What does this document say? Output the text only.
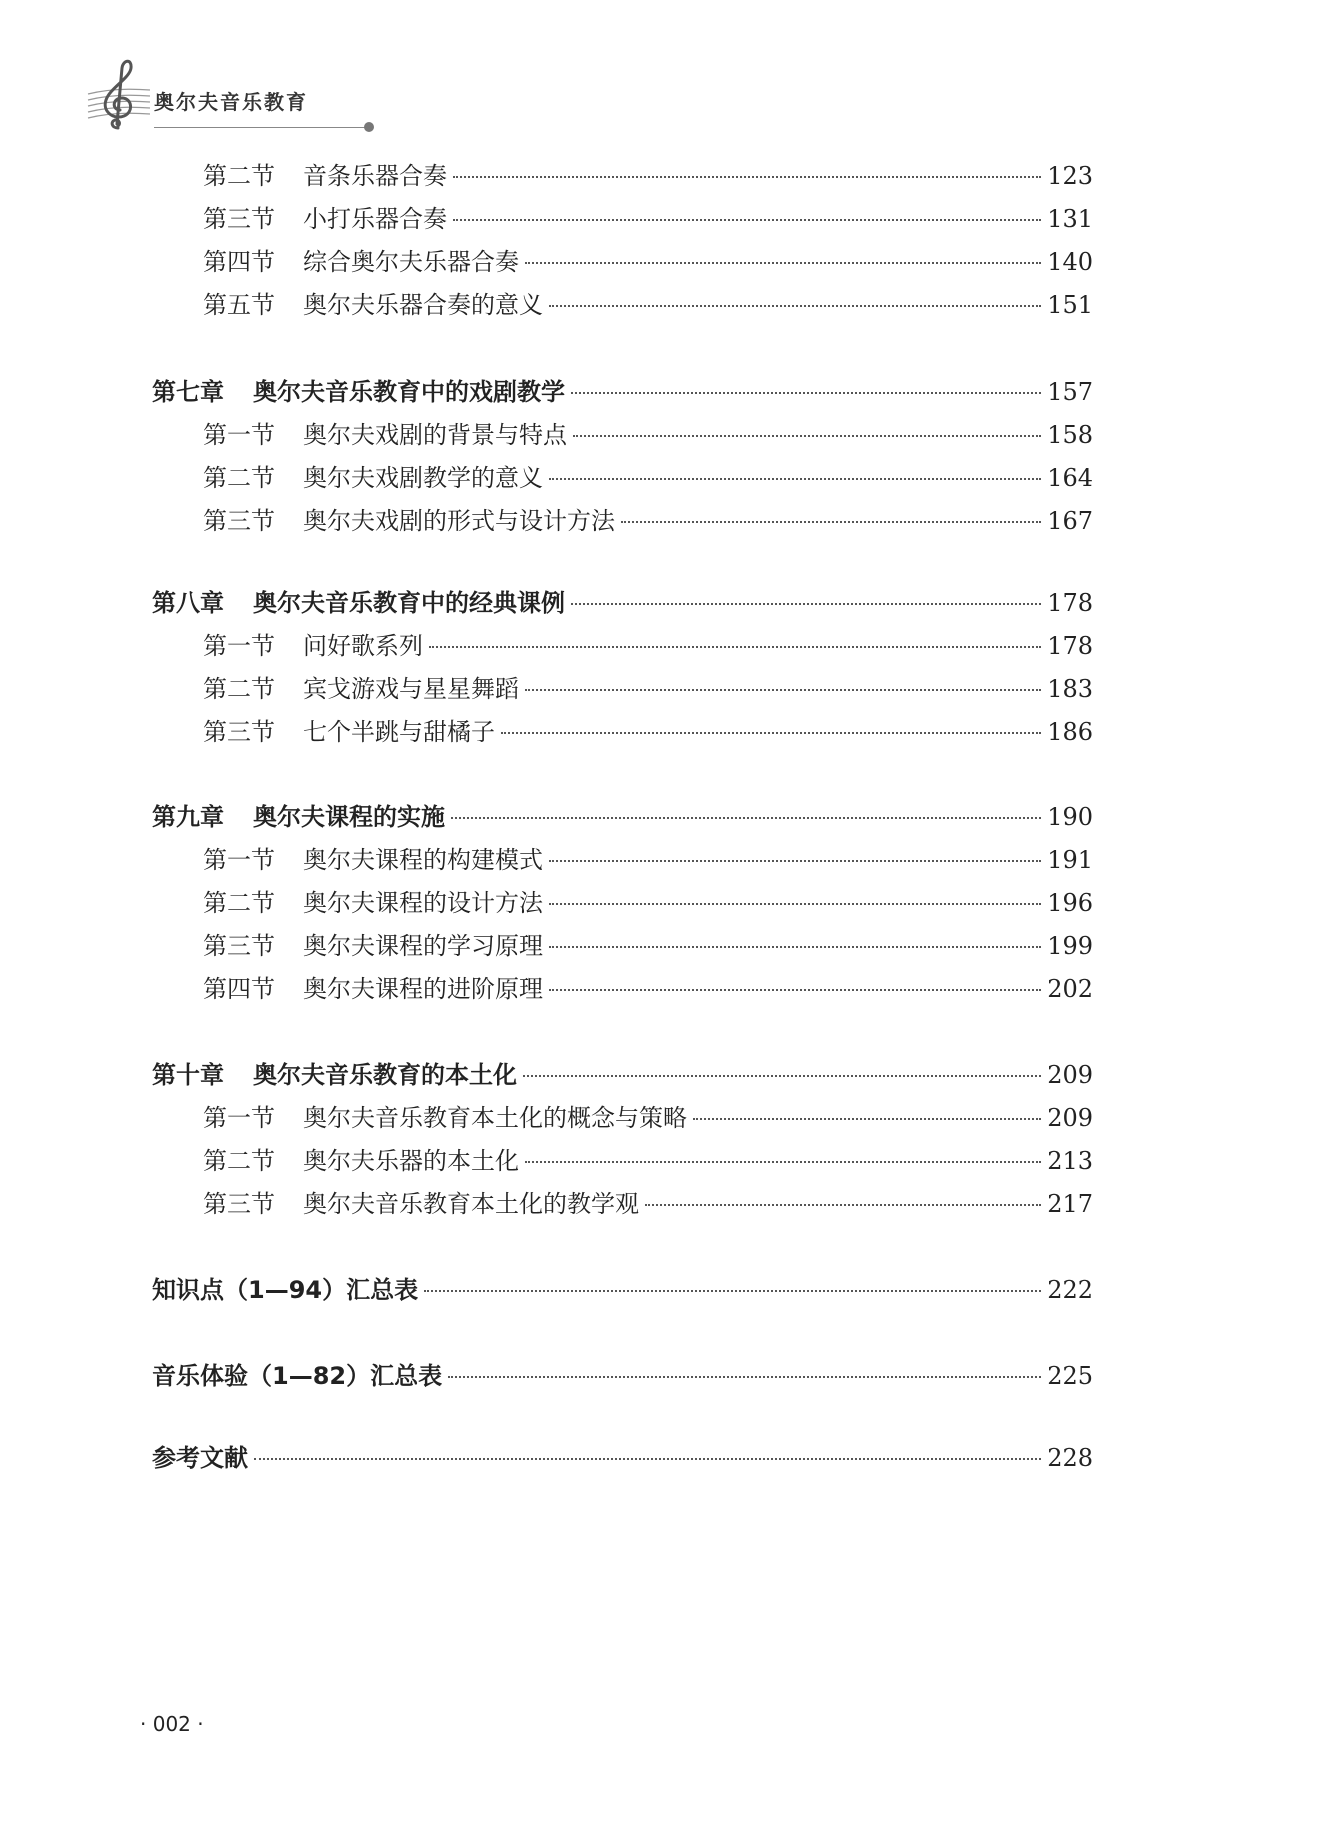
奥尔夫音乐教育
第二节	音条乐器合奏	123
第三节	小打乐器合奏	131
第四节	综合奥尔夫乐器合奏	140
第五节	奥尔夫乐器合奏的意义	151
第七章	奥尔夫音乐教育中的戏剧教学	157
第一节	奥尔夫戏剧的背景与特点	158
第二节	奥尔夫戏剧教学的意义	164
第三节	奥尔夫戏剧的形式与设计方法	167
第八章	奥尔夫音乐教育中的经典课例	178
第一节	问好歌系列	178
第二节	宾戈游戏与星星舞蹈	183
第三节	七个半跳与甜橘子	186
第九章	奥尔夫课程的实施	190
第一节	奥尔夫课程的构建模式	191
第二节	奥尔夫课程的设计方法	196
第三节	奥尔夫课程的学习原理	199
第四节	奥尔夫课程的进阶原理	202
第十章	奥尔夫音乐教育的本土化	209
第一节	奥尔夫音乐教育本土化的概念与策略	209
第二节	奥尔夫乐器的本土化	213
第三节	奥尔夫音乐教育本土化的教学观	217
知识点（1—94）汇总表	222
音乐体验（1—82）汇总表	225
参考文献	228
· 002 ·
